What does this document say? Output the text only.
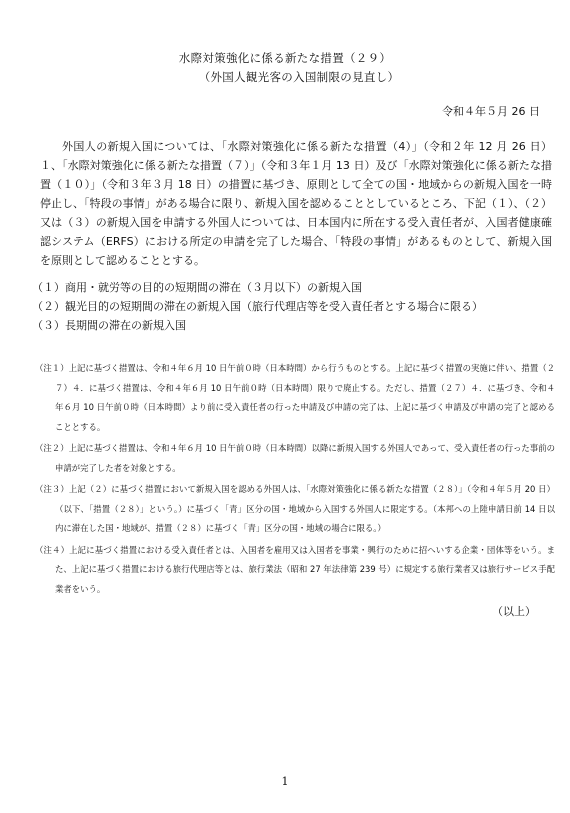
水際対策強化に係る新たな措置（２９）
（外国人観光客の入国制限の見直し）
令和４年５月 26 日

外国人の新規入国については、「水際対策強化に係る新たな措置（4）」（令和２年 12 月 26 日）１、「水際対策強化に係る新たな措置（７）」（令和３年１月 13 日）及び「水際対策強化に係る新たな措置（１０）」（令和３年３月 18 日）の措置に基づき、原則として全ての国・地域からの新規入国を一時停止し、「特段の事情」がある場合に限り、新規入国を認めることとしているところ、下記（１）、（２）又は（３）の新規入国を申請する外国人については、日本国内に所在する受入責任者が、入国者健康確認システム（ERFS）における所定の申請を完了した場合、「特段の事情」があるものとして、新規入国を原則として認めることとする。

（１）商用・就労等の目的の短期間の滞在（３月以下）の新規入国
（２）観光目的の短期間の滞在の新規入国（旅行代理店等を受入責任者とする場合に限る）
（３）長期間の滞在の新規入国

（注１）上記に基づく措置は、令和４年６月 10 日午前０時（日本時間）から行うものとする。上記に基づく措置の実施に伴い、措置（２７）４．に基づく措置は、令和４年６月 10 日午前０時（日本時間）限りで廃止する。ただし、措置（２７）４．に基づき、令和４年６月 10 日午前０時（日本時間）より前に受入責任者の行った申請及び申請の完了は、上記に基づく申請及び申請の完了と認めることとする。

（注２）上記に基づく措置は、令和４年６月 10 日午前０時（日本時間）以降に新規入国する外国人であって、受入責任者の行った事前の申請が完了した者を対象とする。

（注３）上記（２）に基づく措置において新規入国を認める外国人は、「水際対策強化に係る新たな措置（２８）」（令和４年５月 20 日）（以下、「措置（２８）」という。）に基づく「青」区分の国・地域から入国する外国人に限定する。（本邦への上陸申請日前 14 日以内に滞在した国・地域が、措置（２８）に基づく「青」区分の国・地域の場合に限る。）

（注４）上記に基づく措置における受入責任者とは、入国者を雇用又は入国者を事業・興行のために招へいする企業・団体等をいう。また、上記に基づく措置における旅行代理店等とは、旅行業法（昭和 27 年法律第 239 号）に規定する旅行業者又は旅行サービス手配業者をいう。

（以上）
1
